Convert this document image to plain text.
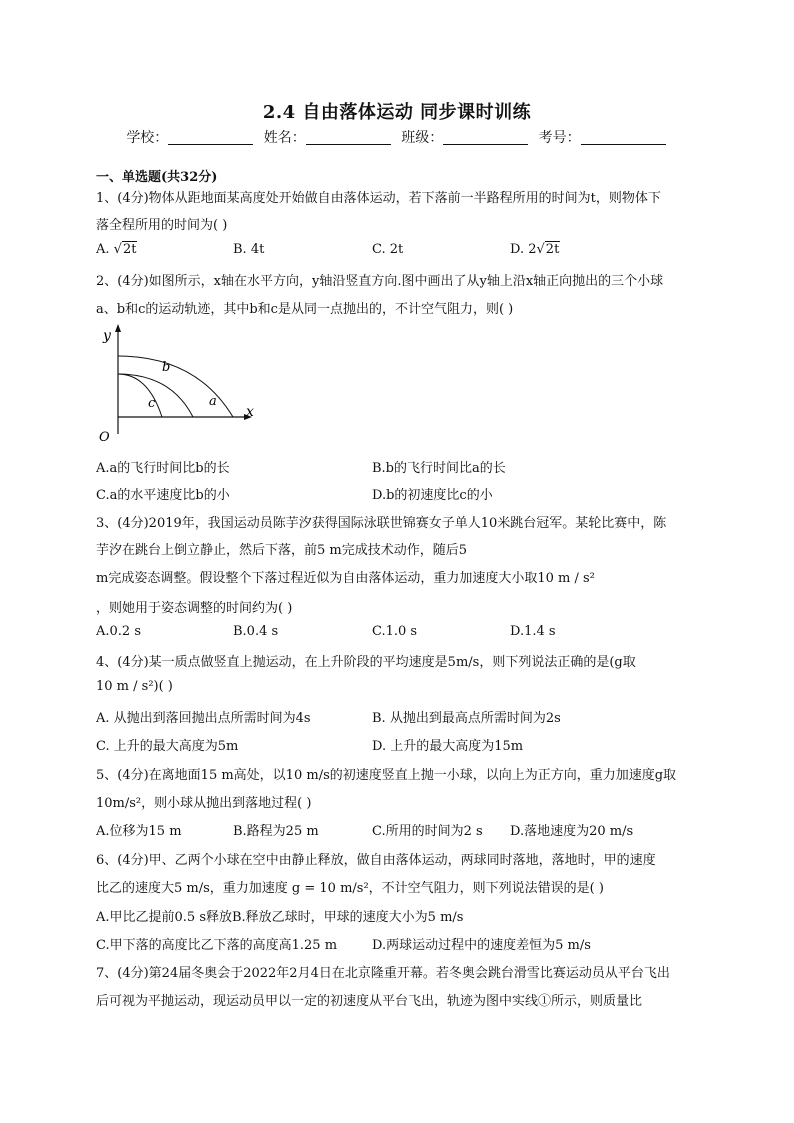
2.4 自由落体运动 同步课时训练
学校：	姓名：	班级：	考号：
一、单选题(共32分)
1、(4分)物体从距地面某高度处开始做自由落体运动，若下落前一半路程所用的时间为t，则物体下
落全程所用的时间为( )
A. √2t	B. 4t	C. 2t	D. 2√2t
2、(4分)如图所示，x轴在水平方向，y轴沿竖直方向.图中画出了从y轴上沿x轴正向抛出的三个小球
a、b和c的运动轨迹，其中b和c是从同一点抛出的，不计空气阻力，则( )
y
x
O
a
b
c
A.a的飞行时间比b的长	B.b的飞行时间比a的长
C.a的水平速度比b的小	D.b的初速度比c的小
3、(4分)2019年，我国运动员陈芋汐获得国际泳联世锦赛女子单人10米跳台冠军。某轮比赛中，陈
芋汐在跳台上倒立静止，然后下落，前5 m完成技术动作，随后5
m完成姿态调整。假设整个下落过程近似为自由落体运动，重力加速度大小取10 m / s²
，则她用于姿态调整的时间约为( )
A.0.2 s	B.0.4 s	C.1.0 s	D.1.4 s
4、(4分)某一质点做竖直上抛运动，在上升阶段的平均速度是5m/s，则下列说法正确的是(g取
10 m / s²)( )
A. 从抛出到落回抛出点所需时间为4s	B. 从抛出到最高点所需时间为2s
C. 上升的最大高度为5m	D. 上升的最大高度为15m
5、(4分)在离地面15 m高处，以10 m/s的初速度竖直上抛一小球，以向上为正方向，重力加速度g取
10m/s²，则小球从抛出到落地过程( )
A.位移为15 m	B.路程为25 m	C.所用的时间为2 s D.落地速度为20 m/s
6、(4分)甲、乙两个小球在空中由静止释放，做自由落体运动，两球同时落地，落地时，甲的速度
比乙的速度大5 m/s，重力加速度 g = 10 m/s²，不计空气阻力，则下列说法错误的是( )
A.甲比乙提前0.5 s释放B.释放乙球时，甲球的速度大小为5 m/s
C.甲下落的高度比乙下落的高度高1.25 m	D.两球运动过程中的速度差恒为5 m/s
7、(4分)第24届冬奥会于2022年2月4日在北京隆重开幕。若冬奥会跳台滑雪比赛运动员从平台飞出
后可视为平抛运动，现运动员甲以一定的初速度从平台飞出，轨迹为图中实线①所示，则质量比
